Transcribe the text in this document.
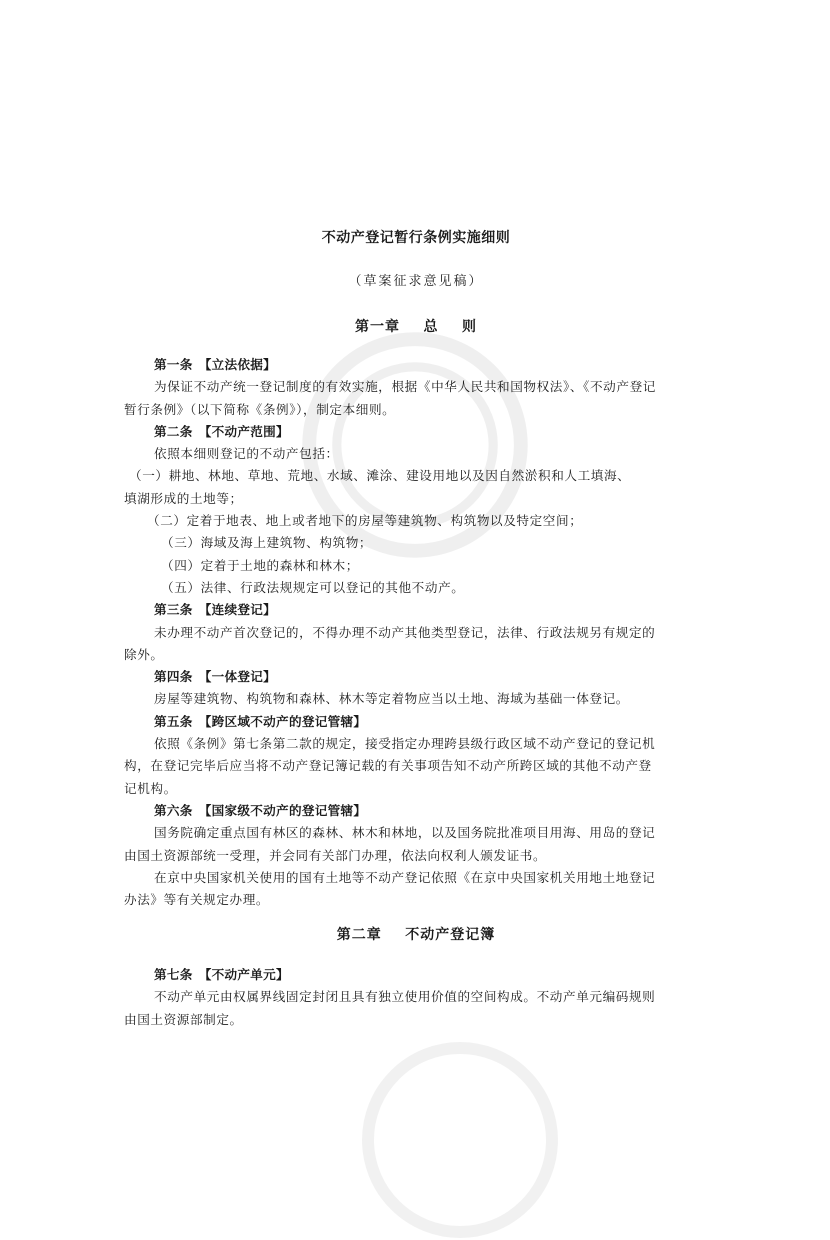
不动产登记暂行条例实施细则
（草案征求意见稿）
第一章    总    则
第一条 【立法依据】
为保证不动产统一登记制度的有效实施，根据《中华人民共和国物权法》、《不动产登记
暂行条例》（以下简称《条例》），制定本细则。
第二条 【不动产范围】
依照本细则登记的不动产包括：
（一）耕地、林地、草地、荒地、水域、滩涂、建设用地以及因自然淤积和人工填海、
填湖形成的土地等；
（二）定着于地表、地上或者地下的房屋等建筑物、构筑物以及特定空间；
（三）海域及海上建筑物、构筑物；
（四）定着于土地的森林和林木；
（五）法律、行政法规规定可以登记的其他不动产。
第三条 【连续登记】
未办理不动产首次登记的，不得办理不动产其他类型登记，法律、行政法规另有规定的
除外。
第四条 【一体登记】
房屋等建筑物、构筑物和森林、林木等定着物应当以土地、海域为基础一体登记。
第五条 【跨区域不动产的登记管辖】
依照《条例》第七条第二款的规定，接受指定办理跨县级行政区域不动产登记的登记机
构，在登记完毕后应当将不动产登记簿记载的有关事项告知不动产所跨区域的其他不动产登
记机构。
第六条 【国家级不动产的登记管辖】
国务院确定重点国有林区的森林、林木和林地，以及国务院批准项目用海、用岛的登记
由国土资源部统一受理，并会同有关部门办理，依法向权利人颁发证书。
在京中央国家机关使用的国有土地等不动产登记依照《在京中央国家机关用地土地登记
办法》等有关规定办理。
第二章    不动产登记簿
第七条 【不动产单元】
不动产单元由权属界线固定封闭且具有独立使用价值的空间构成。不动产单元编码规则
由国土资源部制定。
